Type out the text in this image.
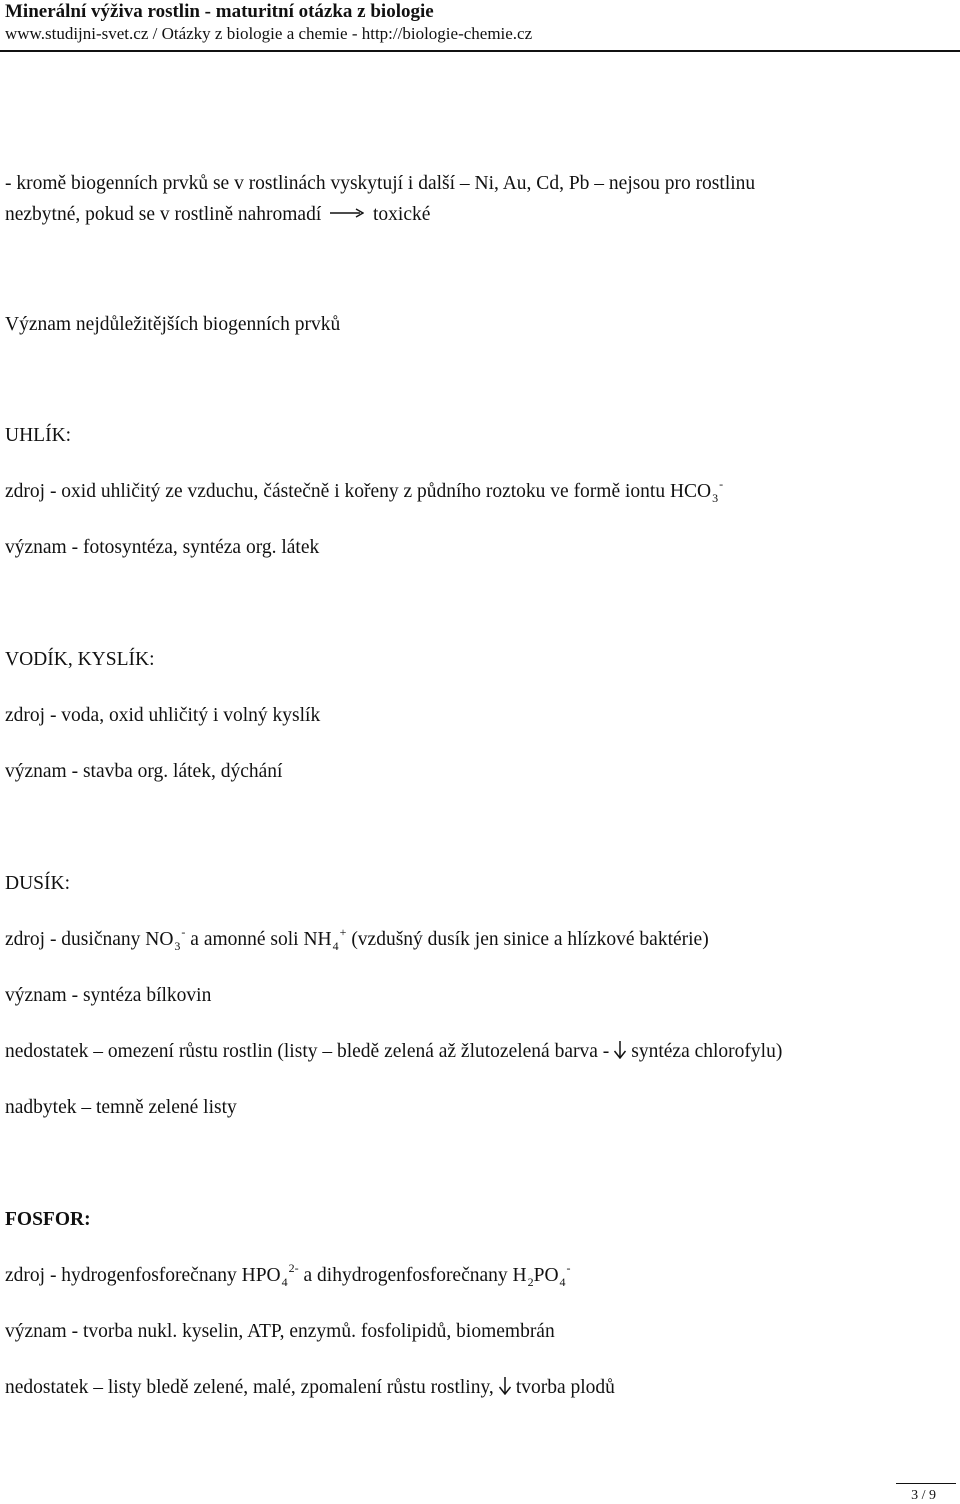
Minerální výživa rostlin - maturitní otázka z biologie
www.studijni-svet.cz / Otázky z biologie a chemie - http://biologie-chemie.cz
- kromě biogenních prvků se v rostlinách vyskytují i další – Ni, Au, Cd, Pb – nejsou pro rostlinu
nezbytné, pokud se v rostlině nahromadí	toxické
Význam nejdůležitějších biogenních prvků
UHLÍK:
zdroj - oxid uhličitý ze vzduchu, částečně i kořeny z půdního roztoku ve formě iontu $HCO_3^-$
význam - fotosyntéza, syntéza org. látek
VODÍK, KYSLÍK:
zdroj - voda, oxid uhličitý i volný kyslík
význam - stavba org. látek, dýchání
DUSÍK:
zdroj - dusičnany $NO_3^-$ a amonné soli $NH_4^+$ (vzdušný dusík jen sinice a hlízkové baktérie)
význam - syntéza bílkovin
nedostatek – omezení růstu rostlin (listy – bledě zelená až žlutozelená barva - syntéza chlorofylu)
nadbytek – temně zelené listy
FOSFOR:
zdroj - hydrogenfosforečnany $HPO_4^{2-}$ a dihydrogenfosforečnany $H_2PO_4^-$
význam - tvorba nukl. kyselin, ATP, enzymů. fosfolipidů, biomembrán
nedostatek – listy bledě zelené, malé, zpomalení růstu rostliny, tvorba plodů
3 / 9
